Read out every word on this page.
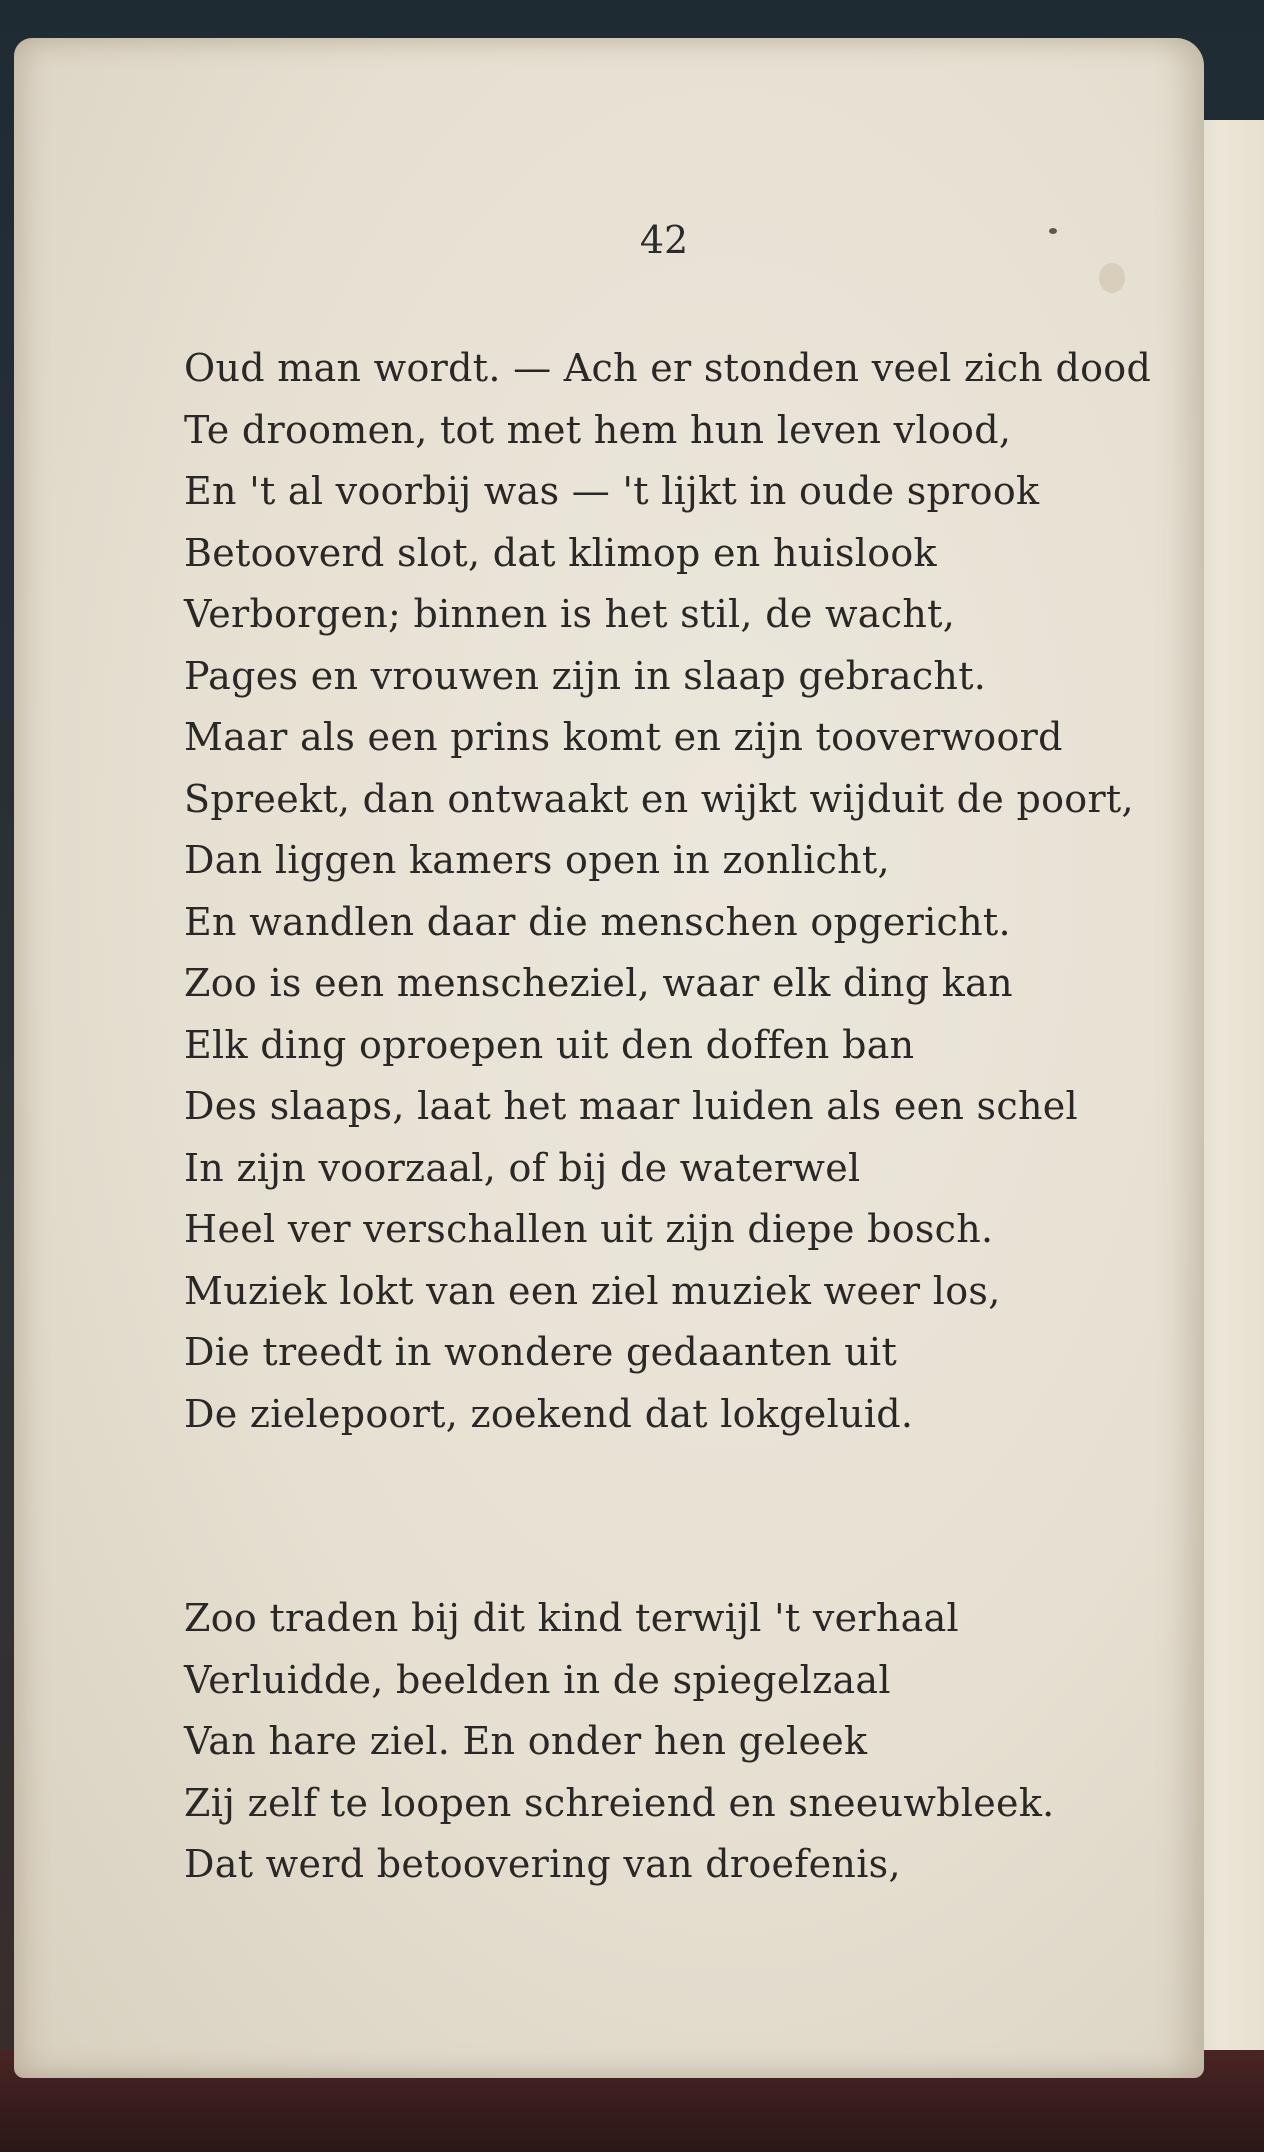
42
Oud man wordt. — Ach er stonden veel zich dood
Te droomen, tot met hem hun leven vlood,
En 't al voorbij was — 't lijkt in oude sprook
Betooverd slot, dat klimop en huislook
Verborgen; binnen is het stil, de wacht,
Pages en vrouwen zijn in slaap gebracht.
Maar als een prins komt en zijn tooverwoord
Spreekt, dan ontwaakt en wijkt wijduit de poort,
Dan liggen kamers open in zonlicht,
En wandlen daar die menschen opgericht.
Zoo is een menscheziel, waar elk ding kan
Elk ding oproepen uit den doffen ban
Des slaaps, laat het maar luiden als een schel
In zijn voorzaal, of bij de waterwel
Heel ver verschallen uit zijn diepe bosch.
Muziek lokt van een ziel muziek weer los,
Die treedt in wondere gedaanten uit
De zielepoort, zoekend dat lokgeluid.
Zoo traden bij dit kind terwijl 't verhaal
Verluidde, beelden in de spiegelzaal
Van hare ziel. En onder hen geleek
Zij zelf te loopen schreiend en sneeuwbleek.
Dat werd betoovering van droefenis,
